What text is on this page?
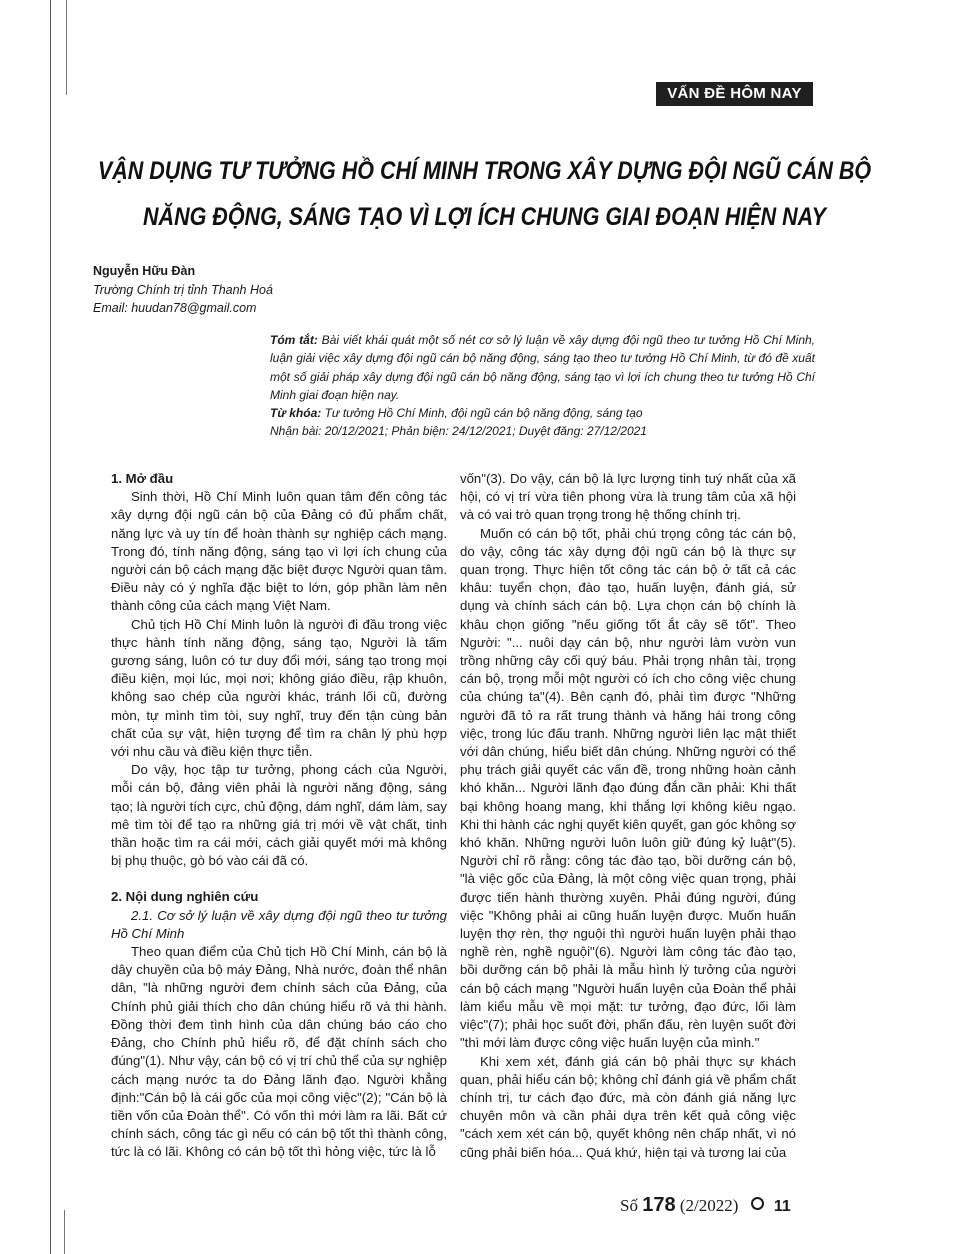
VẤN ĐỀ HÔM NAY
VẬN DỤNG TƯ TƯỞNG HỒ CHÍ MINH TRONG XÂY DỰNG ĐỘI NGŨ CÁN BỘ
NĂNG ĐỘNG, SÁNG TẠO VÌ LỢI ÍCH CHUNG GIAI ĐOẠN HIỆN NAY
Nguyễn Hữu Đàn
Trường Chính trị tỉnh Thanh Hoá
Email: huudan78@gmail.com
Tóm tắt: Bài viết khái quát một số nét cơ sở lý luận về xây dựng đội ngũ theo tư tưởng Hồ Chí Minh, luận giải việc xây dựng đội ngũ cán bộ năng động, sáng tạo theo tư tưởng Hồ Chí Minh, từ đó đề xuất một số giải pháp xây dựng đội ngũ cán bộ năng động, sáng tạo vì lợi ích chung theo tư tưởng Hồ Chí Minh giai đoạn hiện nay.
Từ khóa: Tư tưởng Hồ Chí Minh, đội ngũ cán bộ năng động, sáng tạo
Nhận bài: 20/12/2021; Phản biện: 24/12/2021; Duyệt đăng: 27/12/2021
1. Mở đầu

Sinh thời, Hồ Chí Minh luôn quan tâm đến công tác xây dựng đội ngũ cán bộ của Đảng có đủ phẩm chất, năng lực và uy tín để hoàn thành sự nghiệp cách mạng. Trong đó, tính năng động, sáng tạo vì lợi ích chung của người cán bộ cách mạng đặc biệt được Người quan tâm. Điều này có ý nghĩa đặc biệt to lớn, góp phần làm nên thành công của cách mạng Việt Nam.

Chủ tịch Hồ Chí Minh luôn là người đi đầu trong việc thực hành tính năng động, sáng tạo, Người là tấm gương sáng, luôn có tư duy đổi mới, sáng tạo trong mọi điều kiện, mọi lúc, mọi nơi; không giáo điều, rập khuôn, không sao chép của người khác, tránh lối cũ, đường mòn, tự mình tìm tòi, suy nghĩ, truy đến tận cùng bản chất của sự vật, hiện tượng để tìm ra chân lý phù hợp với nhu cầu và điều kiện thực tiễn.

Do vậy, học tập tư tưởng, phong cách của Người, mỗi cán bộ, đảng viên phải là người năng động, sáng tạo; là người tích cực, chủ động, dám nghĩ, dám làm, say mê tìm tòi để tạo ra những giá trị mới về vật chất, tinh thần hoặc tìm ra cái mới, cách giải quyết mới mà không bị phụ thuộc, gò bó vào cái đã có.

2. Nội dung nghiên cứu
2.1. Cơ sở lý luận về xây dựng đội ngũ theo tư tưởng Hồ Chí Minh

Theo quan điểm của Chủ tịch Hồ Chí Minh, cán bộ là dây chuyền của bộ máy Đảng, Nhà nước, đoàn thể nhân dân, "là những người đem chính sách của Đảng, của Chính phủ giải thích cho dân chúng hiểu rõ và thi hành. Đồng thời đem tình hình của dân chúng báo cáo cho Đảng, cho Chính phủ hiểu rõ, để đặt chính sách cho đúng"(1). Như vậy, cán bộ có vị trí chủ thể của sự nghiệp cách mạng nước ta do Đảng lãnh đạo. Người khẳng định:"Cán bộ là cái gốc của mọi công việc"(2); "Cán bộ là tiền vốn của Đoàn thể". Có vốn thì mới làm ra lãi. Bất cứ chính sách, công tác gì nếu có cán bộ tốt thì thành công, tức là có lãi. Không có cán bộ tốt thì hỏng việc, tức là lỗ

vốn"(3). Do vậy, cán bộ là lực lượng tinh tuý nhất của xã hội, có vị trí vừa tiên phong vừa là trung tâm của xã hội và có vai trò quan trọng trong hệ thống chính trị.

Muốn có cán bộ tốt, phải chú trọng công tác cán bộ, do vậy, công tác xây dựng đội ngũ cán bộ là thực sự quan trọng. Thực hiện tốt công tác cán bộ ở tất cả các khâu: tuyển chọn, đào tạo, huấn luyện, đánh giá, sử dụng và chính sách cán bộ. Lựa chọn cán bộ chính là khâu chọn giống "nếu giống tốt ắt cây sẽ tốt". Theo Người: "... nuôi dạy cán bộ, như người làm vườn vun trồng những cây cối quý báu. Phải trọng nhân tài, trọng cán bộ, trọng mỗi một người có ích cho công việc chung của chúng ta"(4). Bên cạnh đó, phải tìm được "Những người đã tỏ ra rất trung thành và hăng hái trong công việc, trong lúc đấu tranh. Những người liên lạc mật thiết với dân chúng, hiểu biết dân chúng. Những người có thể phụ trách giải quyết các vấn đề, trong những hoàn cảnh khó khăn... Người lãnh đạo đúng đắn cần phải: Khi thất bại không hoang mang, khi thắng lợi không kiêu ngạo. Khi thi hành các nghị quyết kiên quyết, gan góc không sợ khó khăn. Những người luôn luôn giữ đúng kỷ luật"(5). Người chỉ rõ rằng: công tác đào tạo, bồi dưỡng cán bộ, "là việc gốc của Đảng, là một công việc quan trọng, phải được tiến hành thường xuyên. Phải đúng người, đúng việc "Không phải ai cũng huấn luyện được. Muốn huấn luyện thợ rèn, thợ nguội thì người huấn luyện phải thạo nghề rèn, nghề nguội"(6). Người làm công tác đào tạo, bồi dưỡng cán bộ phải là mẫu hình lý tưởng của người cán bộ cách mạng "Người huấn luyện của Đoàn thể phải làm kiểu mẫu về mọi mặt: tư tưởng, đạo đức, lối làm việc"(7); phải học suốt đời, phấn đấu, rèn luyện suốt đời "thì mới làm được công việc huấn luyện của mình."

Khi xem xét, đánh giá cán bộ phải thực sự khách quan, phải hiểu cán bộ; không chỉ đánh giá về phẩm chất chính trị, tư cách đạo đức, mà còn đánh giá năng lực chuyên môn và cần phải dựa trên kết quả công việc "cách xem xét cán bộ, quyết không nên chấp nhất, vì nó cũng phải biến hóa... Quá khứ, hiện tại và tương lai của

Số 178 (2/2022) 11
